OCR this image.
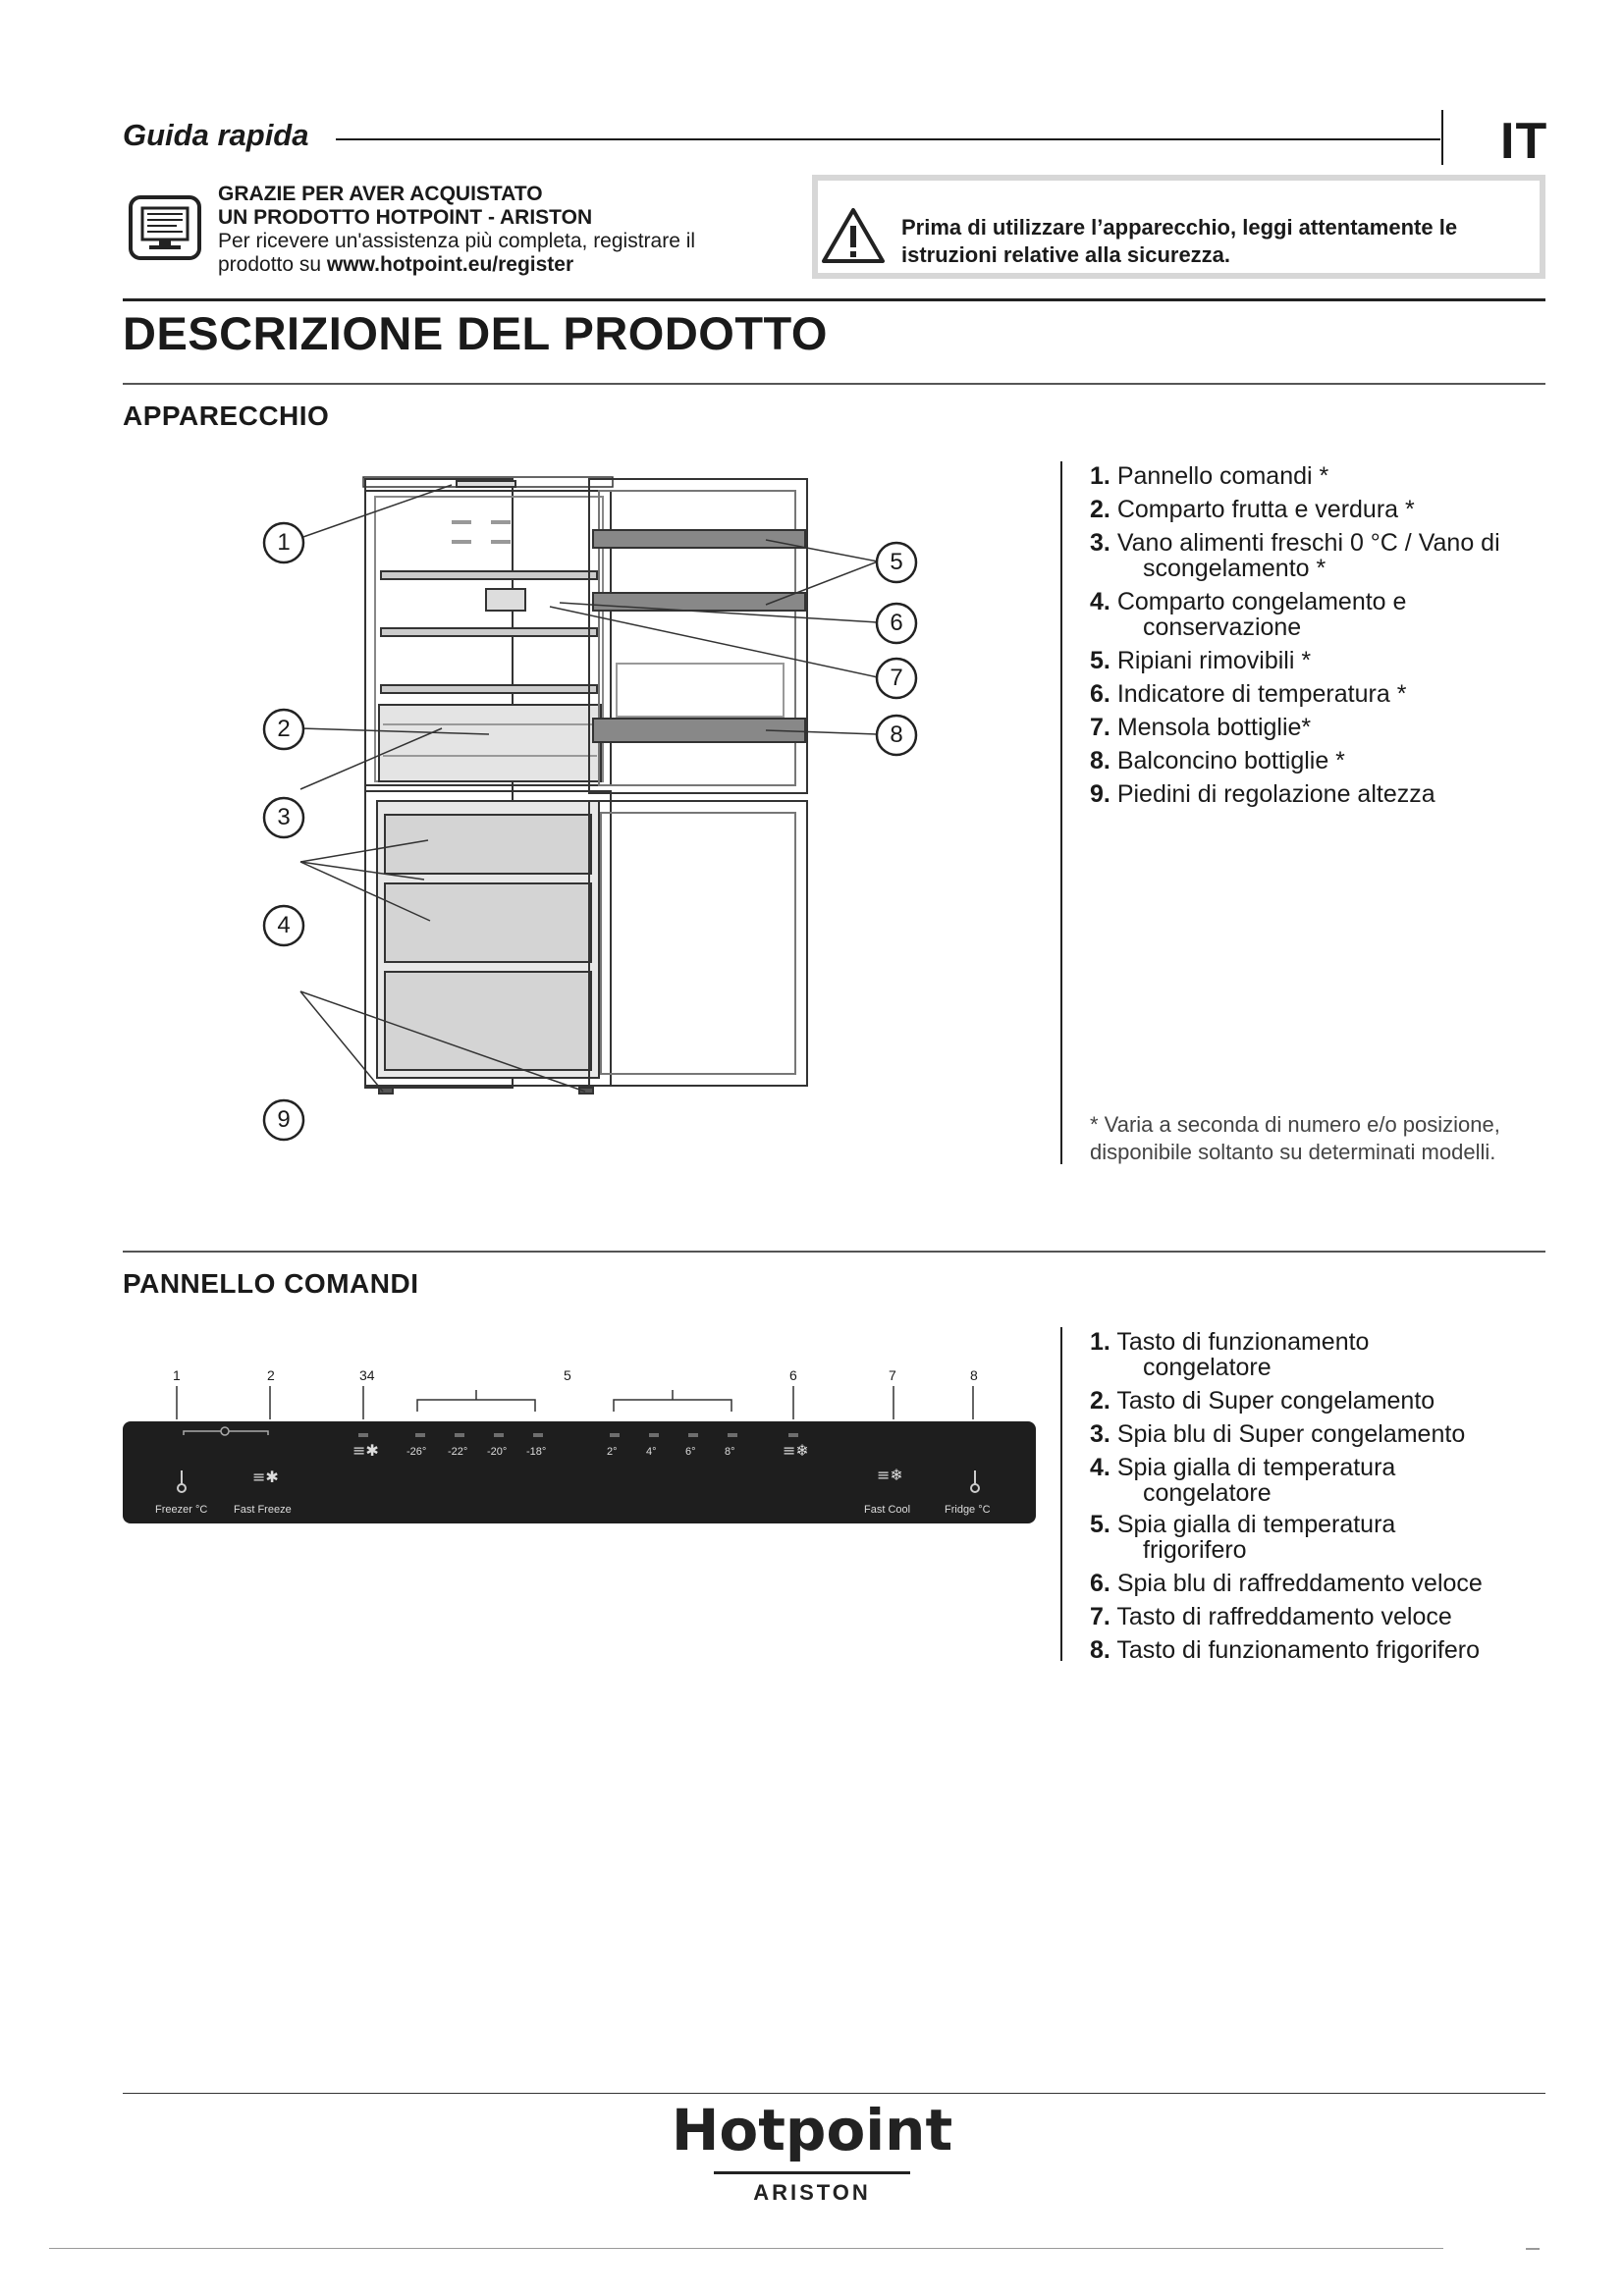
Guida rapida	IT
GRAZIE PER AVER ACQUISTATO
UN PRODOTTO HOTPOINT - ARISTON
Per ricevere un'assistenza più completa, registrare il
prodotto su www.hotpoint.eu/register
Prima di utilizzare l’apparecchio, leggi attentamente le
istruzioni relative alla sicurezza.
DESCRIZIONE DEL PRODOTTO
APPARECCHIO
1
2
3
4
5
6
7
8
9
1. Pannello comandi *
2. Comparto frutta e verdura *
3. Vano alimenti freschi 0 °C / Vano di
scongelamento *
4. Comparto congelamento e
conservazione
5. Ripiani rimovibili *
6. Indicatore di temperatura *
7. Mensola bottiglie*
8. Balconcino bottiglie *
9. Piedini di regolazione altezza
* Varia a seconda di numero e/o posizione,
disponibile soltanto su determinati modelli.
PANNELLO COMANDI
1	2	34	5	6	7	8
≡✱
≡✱	≡❄
≡❄
-26° -22° -20° -18°	2°	4°	6°	8°
Freezer °C Fast Freeze	Fast Cool	Fridge °C
1. Tasto di funzionamento
congelatore
2. Tasto di Super congelamento
3. Spia blu di Super congelamento
4. Spia gialla di temperatura
congelatore
5. Spia gialla di temperatura
frigorifero
6. Spia blu di raffreddamento veloce
7. Tasto di raffreddamento veloce
8. Tasto di funzionamento frigorifero
Hotpoint
ARISTON
